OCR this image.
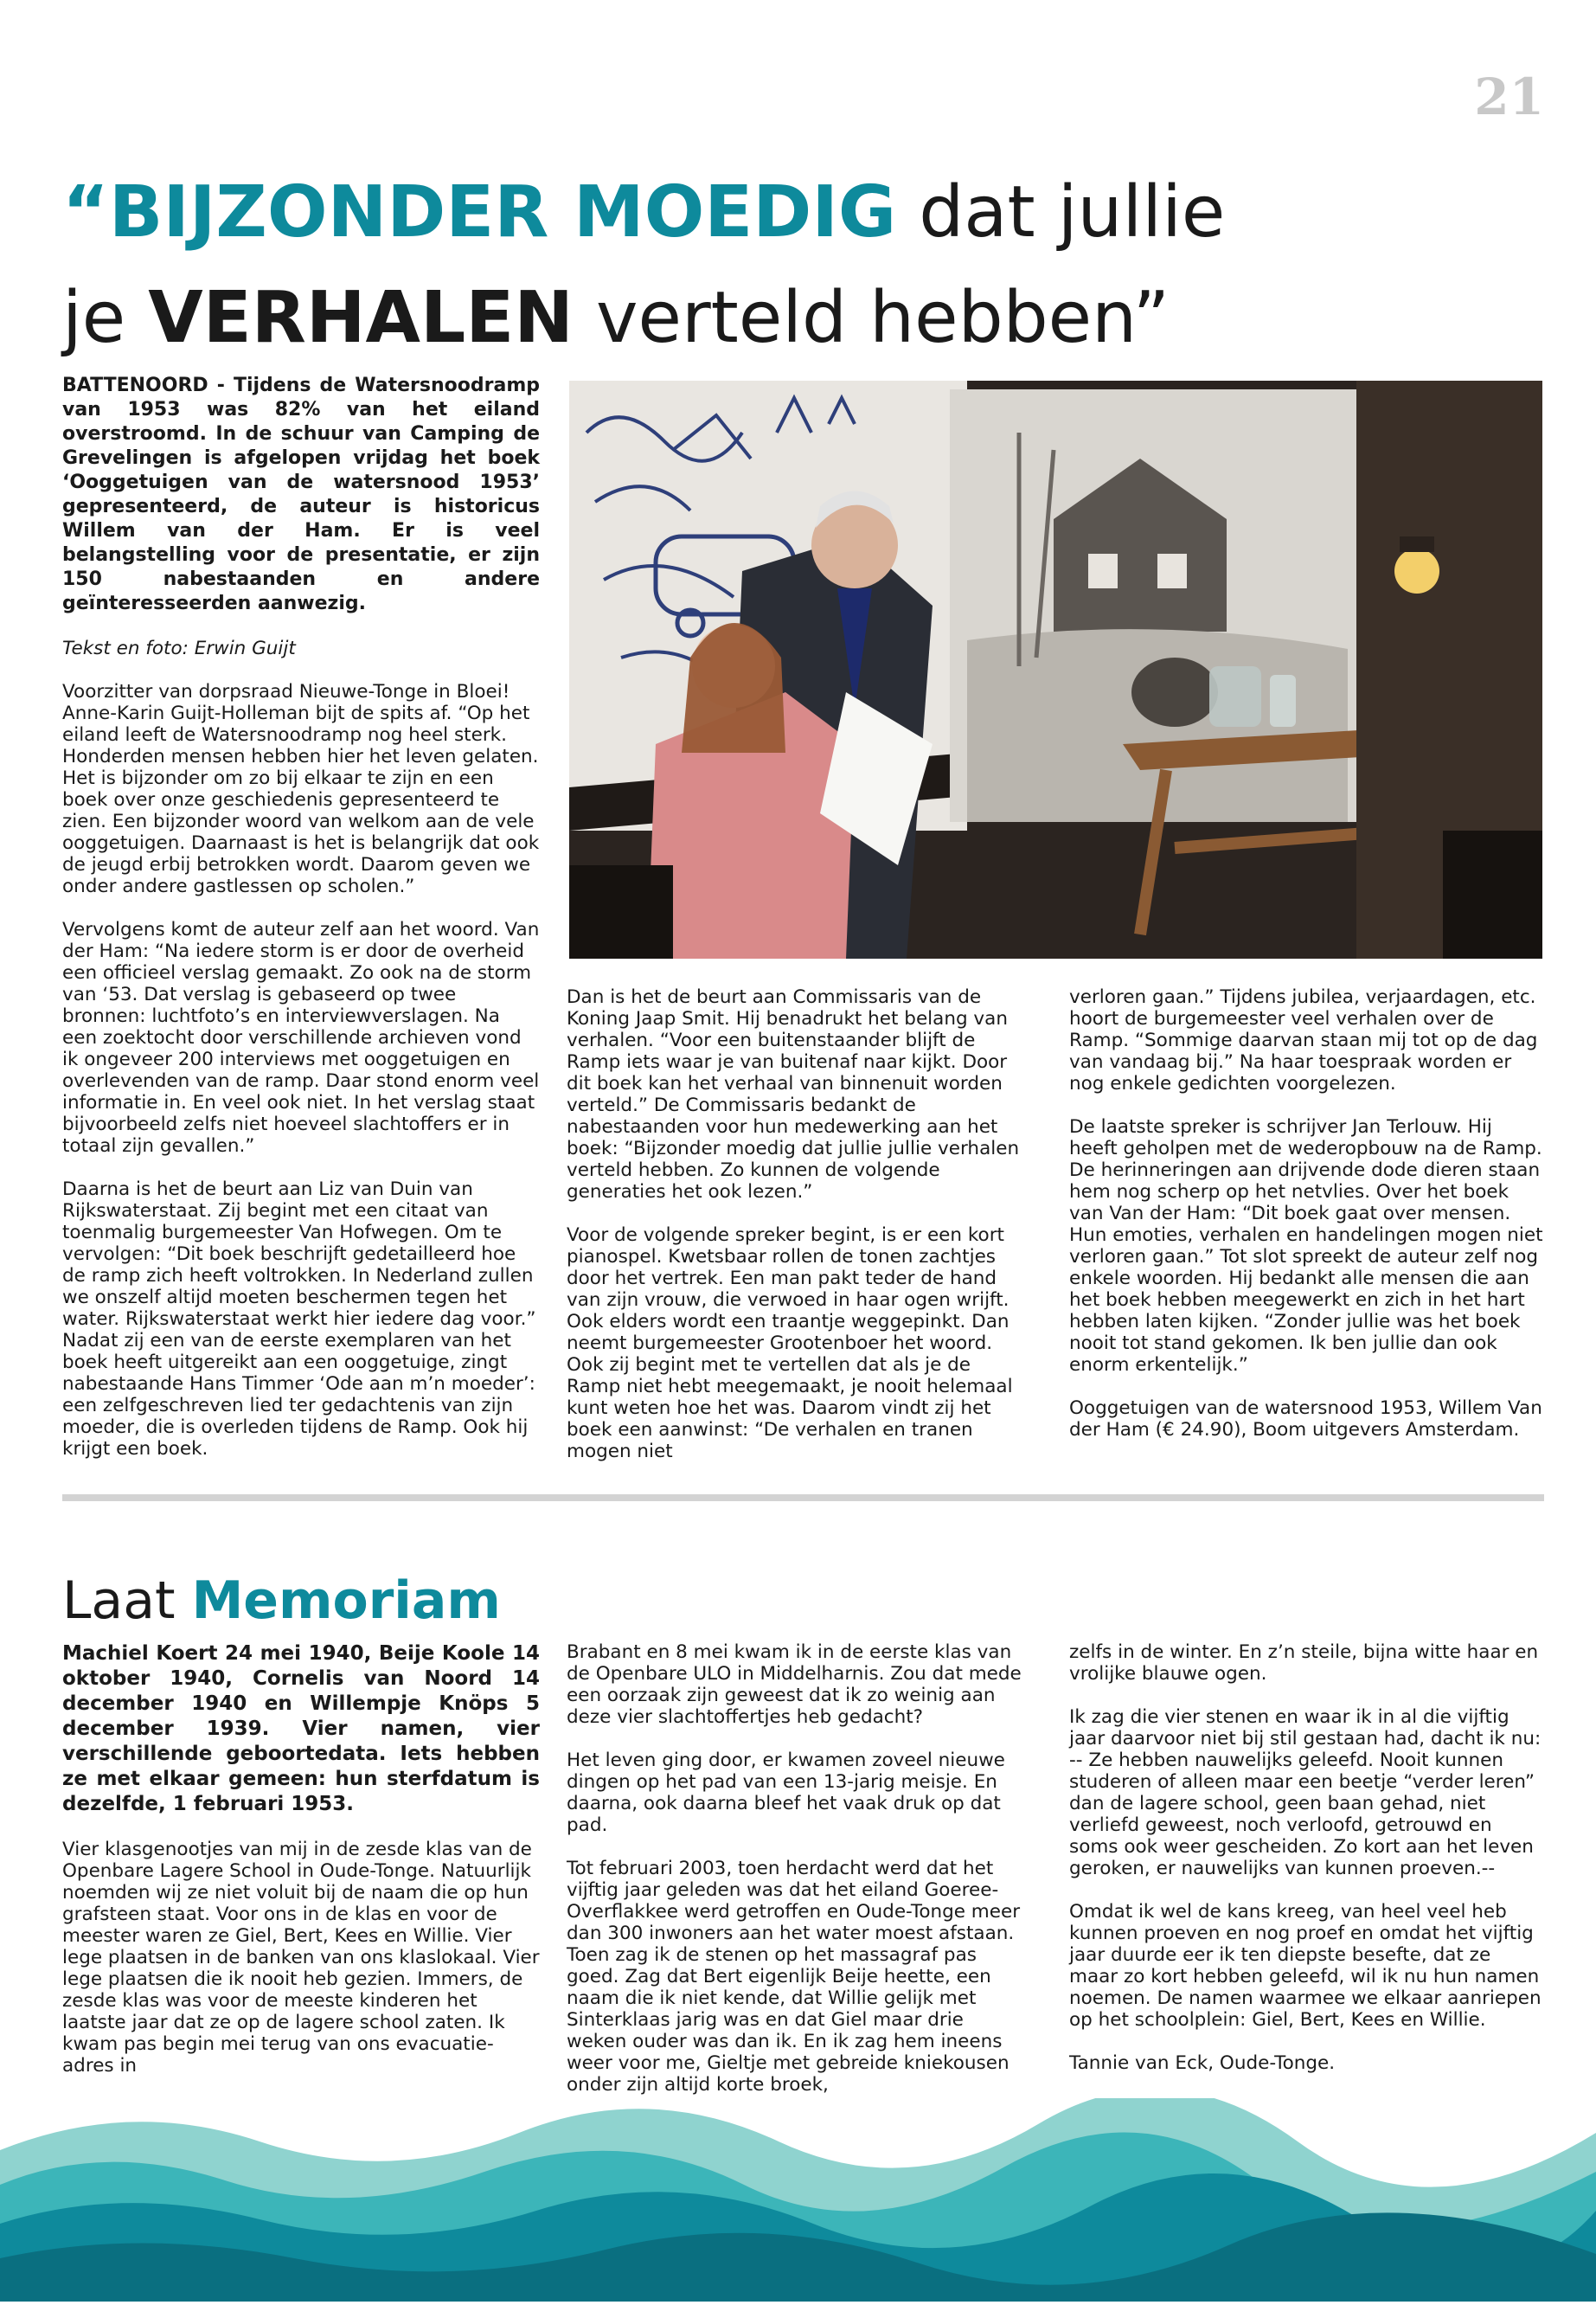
21
“BIJZONDER MOEDIG dat jullie
je VERHALEN verteld hebben”

BATTENOORD - Tijdens de Watersnoodramp van 1953 was 82% van het eiland overstroomd. In de schuur van Camping de Grevelingen is afgelopen vrijdag het boek ‘Ooggetuigen van de watersnood 1953’ gepresenteerd, de auteur is historicus Willem van der Ham. Er is veel belangstelling voor de presentatie, er zijn 150 nabestaanden en andere geïnteresseerden aanwezig.

Tekst en foto: Erwin Guijt

Voorzitter van dorpsraad Nieuwe-Tonge in Bloei! Anne-Karin Guijt-Holleman bijt de spits af. “Op het eiland leeft de Watersnoodramp nog heel sterk. Honderden mensen hebben hier het leven gelaten. Het is bijzonder om zo bij elkaar te zijn en een boek over onze geschiedenis gepresenteerd te zien. Een bijzonder woord van welkom aan de vele ooggetuigen. Daarnaast is het is belangrijk dat ook de jeugd erbij betrokken wordt. Daarom geven we onder andere gastlessen op scholen.”

Vervolgens komt de auteur zelf aan het woord. Van der Ham: “Na iedere storm is er door de overheid een officieel verslag gemaakt. Zo ook na de storm van ‘53. Dat verslag is gebaseerd op twee bronnen: luchtfoto’s en interviewverslagen. Na een zoektocht door verschillende archieven vond ik ongeveer 200 interviews met ooggetuigen en overlevenden van de ramp. Daar stond enorm veel informatie in. En veel ook niet. In het verslag staat bijvoorbeeld zelfs niet hoeveel slachtoffers er in totaal zijn gevallen.”

Daarna is het de beurt aan Liz van Duin van Rijkswaterstaat. Zij begint met een citaat van toenmalig burgemeester Van Hofwegen. Om te vervolgen: “Dit boek beschrijft gedetailleerd hoe de ramp zich heeft voltrokken. In Nederland zullen we onszelf altijd moeten beschermen tegen het water. Rijkswaterstaat werkt hier iedere dag voor.” Nadat zij een van de eerste exemplaren van het boek heeft uitgereikt aan een ooggetuige, zingt nabestaande Hans Timmer ‘Ode aan m’n moeder’: een zelfgeschreven lied ter gedachtenis van zijn moeder, die is overleden tijdens de Ramp. Ook hij krijgt een boek.

Dan is het de beurt aan Commissaris van de Koning Jaap Smit. Hij benadrukt het belang van verhalen. “Voor een buitenstaander blijft de Ramp iets waar je van buitenaf naar kijkt. Door dit boek kan het verhaal van binnenuit worden verteld.” De Commissaris bedankt de nabestaanden voor hun medewerking aan het boek: “Bijzonder moedig dat jullie jullie verhalen verteld hebben. Zo kunnen de volgende generaties het ook lezen.”

Voor de volgende spreker begint, is er een kort pianospel. Kwetsbaar rollen de tonen zachtjes door het vertrek. Een man pakt teder de hand van zijn vrouw, die verwoed in haar ogen wrijft. Ook elders wordt een traantje weggepinkt. Dan neemt burgemeester Grootenboer het woord. Ook zij begint met te vertellen dat als je de Ramp niet hebt meegemaakt, je nooit helemaal kunt weten hoe het was. Daarom vindt zij het boek een aanwinst: “De verhalen en tranen mogen niet

verloren gaan.” Tijdens jubilea, verjaardagen, etc. hoort de burgemeester veel verhalen over de Ramp. “Sommige daarvan staan mij tot op de dag van vandaag bij.” Na haar toespraak worden er nog enkele gedichten voorgelezen.

De laatste spreker is schrijver Jan Terlouw. Hij heeft geholpen met de wederopbouw na de Ramp. De herinneringen aan drijvende dode dieren staan hem nog scherp op het netvlies. Over het boek van Van der Ham: “Dit boek gaat over mensen. Hun emoties, verhalen en handelingen mogen niet verloren gaan.” Tot slot spreekt de auteur zelf nog enkele woorden. Hij bedankt alle mensen die aan het boek hebben meegewerkt en zich in het hart hebben laten kijken. “Zonder jullie was het boek nooit tot stand gekomen. Ik ben jullie dan ook enorm erkentelijk.”

Ooggetuigen van de watersnood 1953, Willem Van der Ham (€ 24.90), Boom uitgevers Amsterdam.

Laat Memoriam

Machiel Koert 24 mei 1940, Beije Koole 14 oktober 1940, Cornelis van Noord 14 december 1940 en Willempje Knöps 5 december 1939. Vier namen, vier verschillende geboortedata. Iets hebben ze met elkaar gemeen: hun sterfdatum is dezelfde, 1 februari 1953.

Vier klasgenootjes van mij in de zesde klas van de Openbare Lagere School in Oude-Tonge. Natuurlijk noemden wij ze niet voluit bij de naam die op hun grafsteen staat. Voor ons in de klas en voor de meester waren ze Giel, Bert, Kees en Willie. Vier lege plaatsen in de banken van ons klaslokaal. Vier lege plaatsen die ik nooit heb gezien. Immers, de zesde klas was voor de meeste kinderen het laatste jaar dat ze op de lagere school zaten. Ik kwam pas begin mei terug van ons evacuatie-adres in

Brabant en 8 mei kwam ik in de eerste klas van de Openbare ULO in Middelharnis. Zou dat mede een oorzaak zijn geweest dat ik zo weinig aan deze vier slachtoffertjes heb gedacht?

Het leven ging door, er kwamen zoveel nieuwe dingen op het pad van een 13-jarig meisje. En daarna, ook daarna bleef het vaak druk op dat pad.

Tot februari 2003, toen herdacht werd dat het vijftig jaar geleden was dat het eiland Goeree-Overflakkee werd getroffen en Oude-Tonge meer dan 300 inwoners aan het water moest afstaan. Toen zag ik de stenen op het massagraf pas goed. Zag dat Bert eigenlijk Beije heette, een naam die ik niet kende, dat Willie gelijk met Sinterklaas jarig was en dat Giel maar drie weken ouder was dan ik. En ik zag hem ineens weer voor me, Gieltje met gebreide kniekousen onder zijn altijd korte broek,

zelfs in de winter. En z’n steile, bijna witte haar en vrolijke blauwe ogen.

Ik zag die vier stenen en waar ik in al die vijftig jaar daarvoor niet bij stil gestaan had, dacht ik nu: -- Ze hebben nauwelijks geleefd. Nooit kunnen studeren of alleen maar een beetje “verder leren” dan de lagere school, geen baan gehad, niet verliefd geweest, noch verloofd, getrouwd en soms ook weer gescheiden. Zo kort aan het leven geroken, er nauwelijks van kunnen proeven.--

Omdat ik wel de kans kreeg, van heel veel heb kunnen proeven en nog proef en omdat het vijftig jaar duurde eer ik ten diepste besefte, dat ze maar zo kort hebben geleefd, wil ik nu hun namen noemen. De namen waarmee we elkaar aanriepen op het schoolplein: Giel, Bert, Kees en Willie.

Tannie van Eck, Oude-Tonge.
